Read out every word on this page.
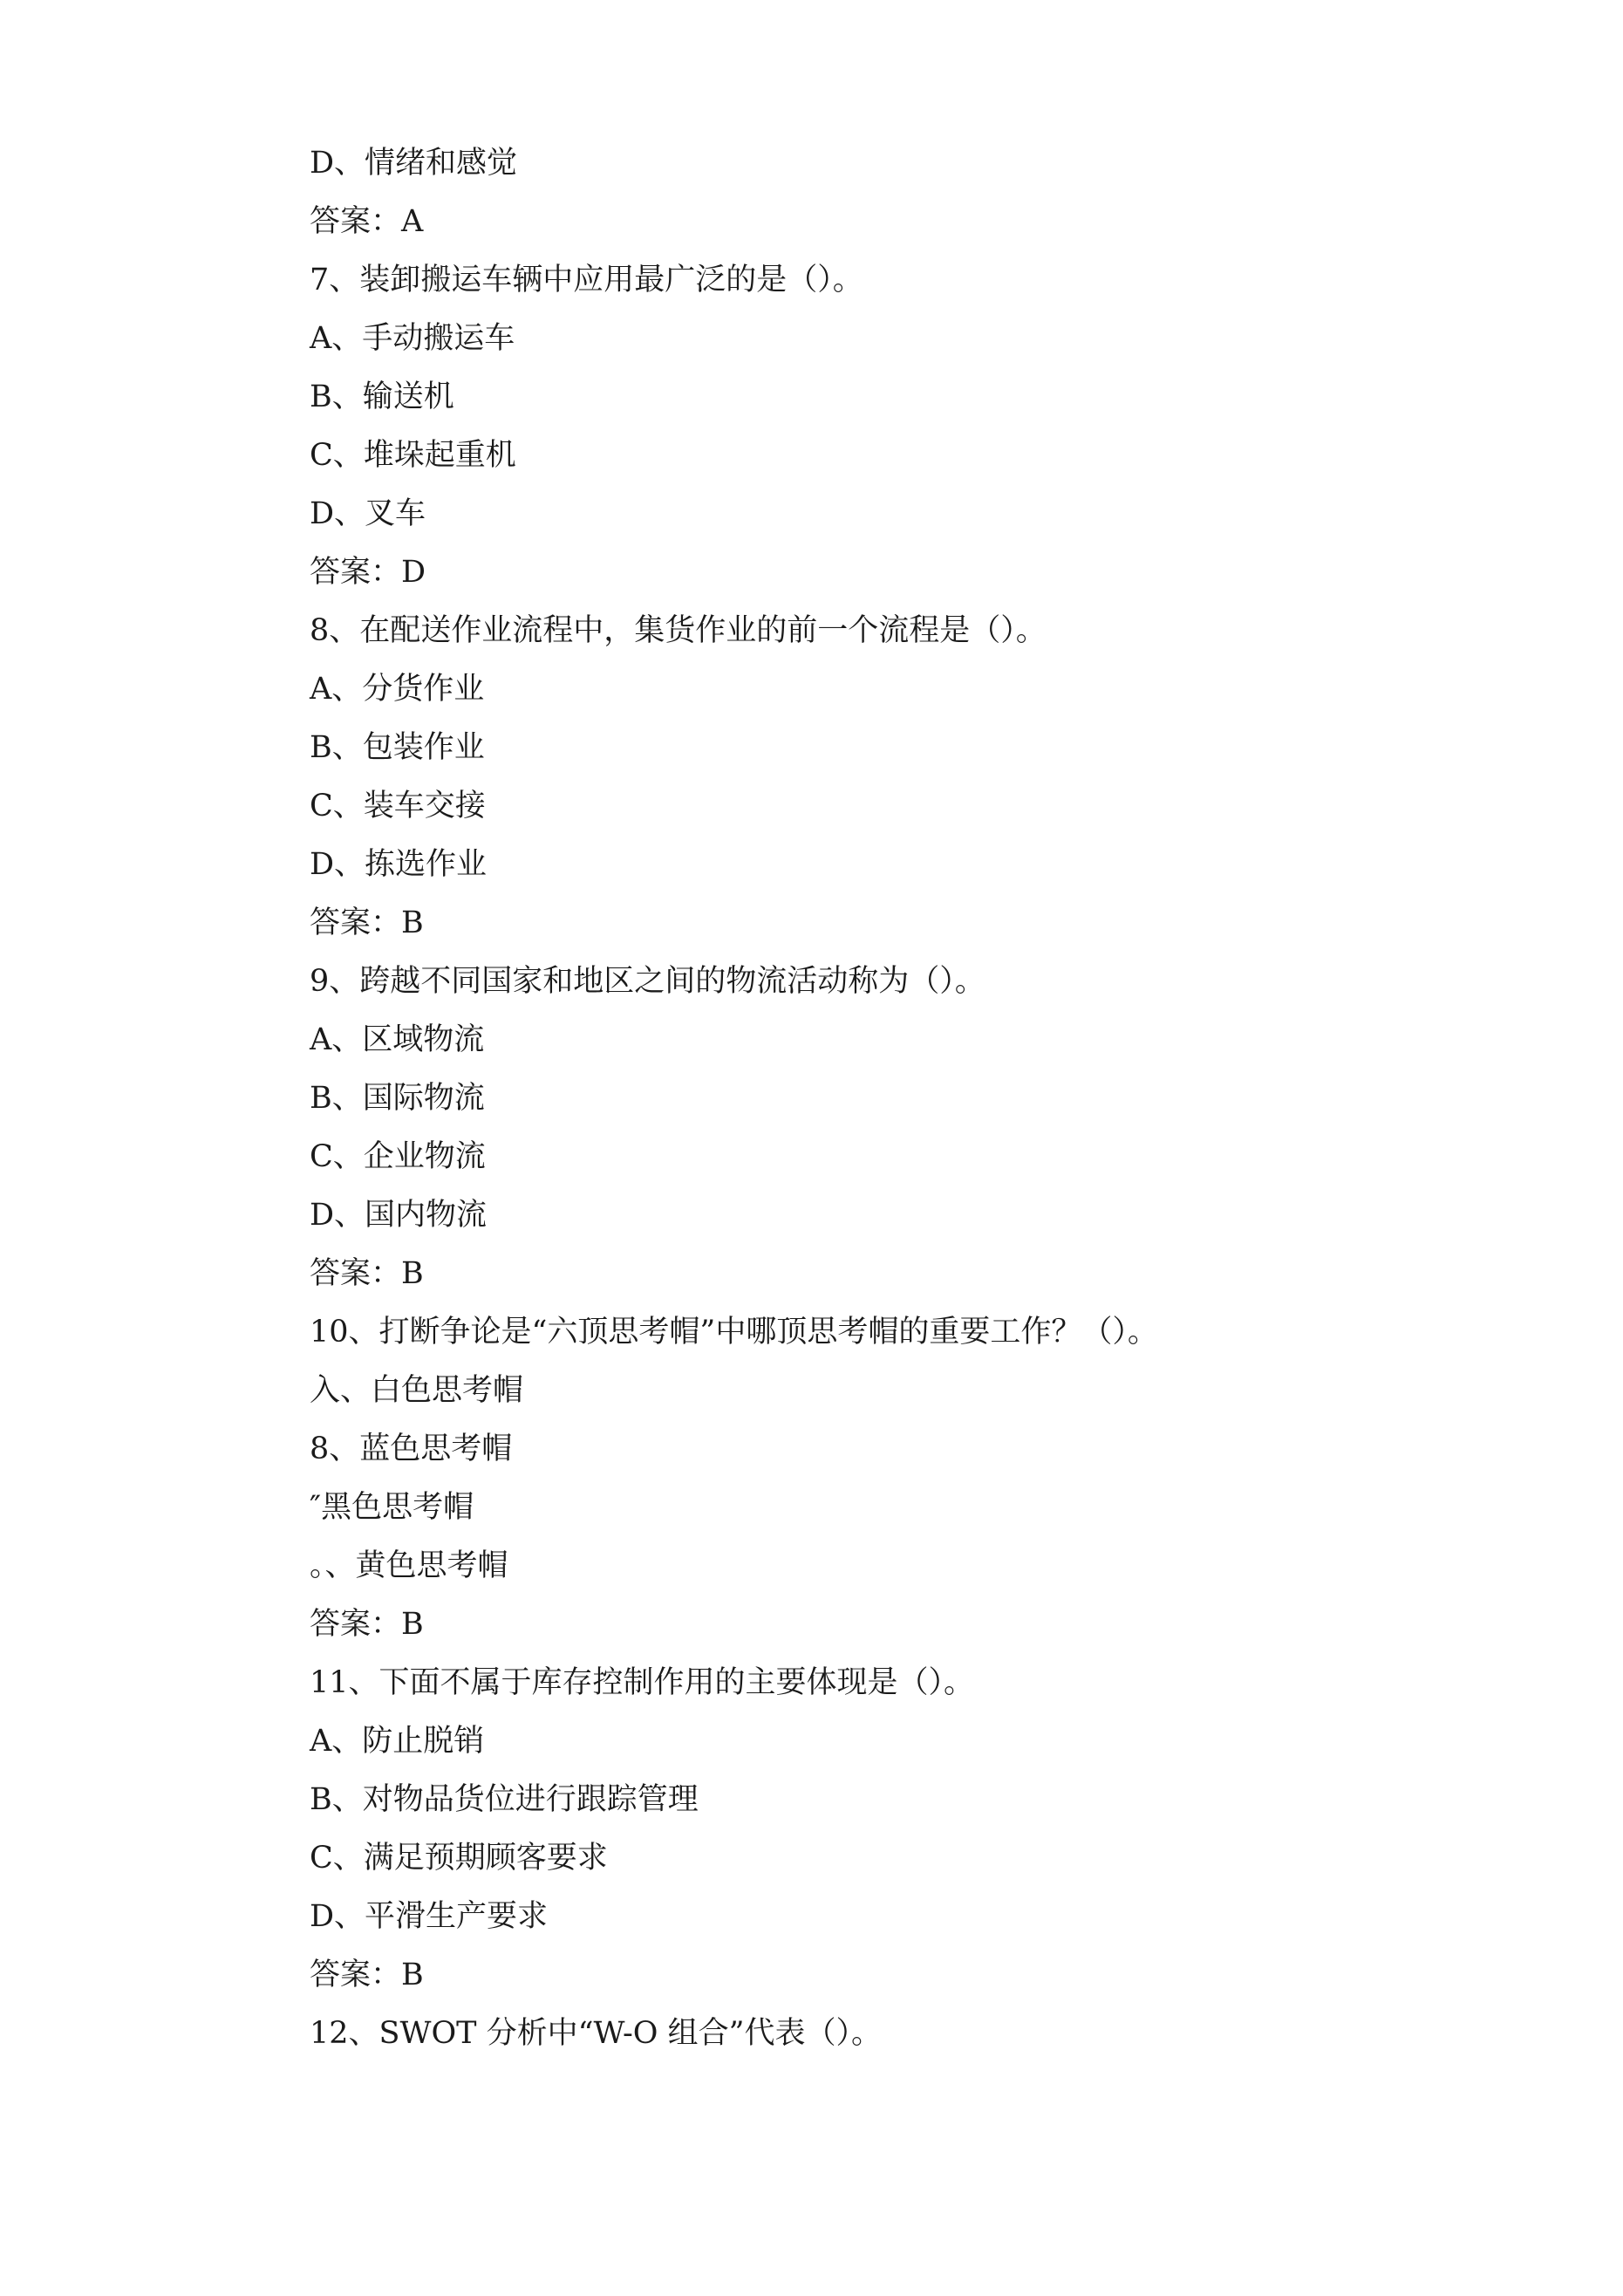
D、情绪和感觉

答案：A

7、装卸搬运车辆中应用最广泛的是（）。

A、手动搬运车

B、输送机

C、堆垛起重机

D、叉车

答案：D

8、在配送作业流程中，集货作业的前一个流程是（）。

A、分货作业

B、包装作业

C、装车交接

D、拣选作业

答案：B

9、跨越不同国家和地区之间的物流活动称为（）。

A、区域物流

B、国际物流

C、企业物流

D、国内物流

答案：B

10、打断争论是“六顶思考帽”中哪顶思考帽的重要工作？（）。

入、白色思考帽

8、蓝色思考帽

″黑色思考帽

。、黄色思考帽

答案：B

11、下面不属于库存控制作用的主要体现是（）。

A、防止脱销

B、对物品货位进行跟踪管理

C、满足预期顾客要求

D、平滑生产要求

答案：B

12、SWOT 分析中“W-O 组合”代表（）。
